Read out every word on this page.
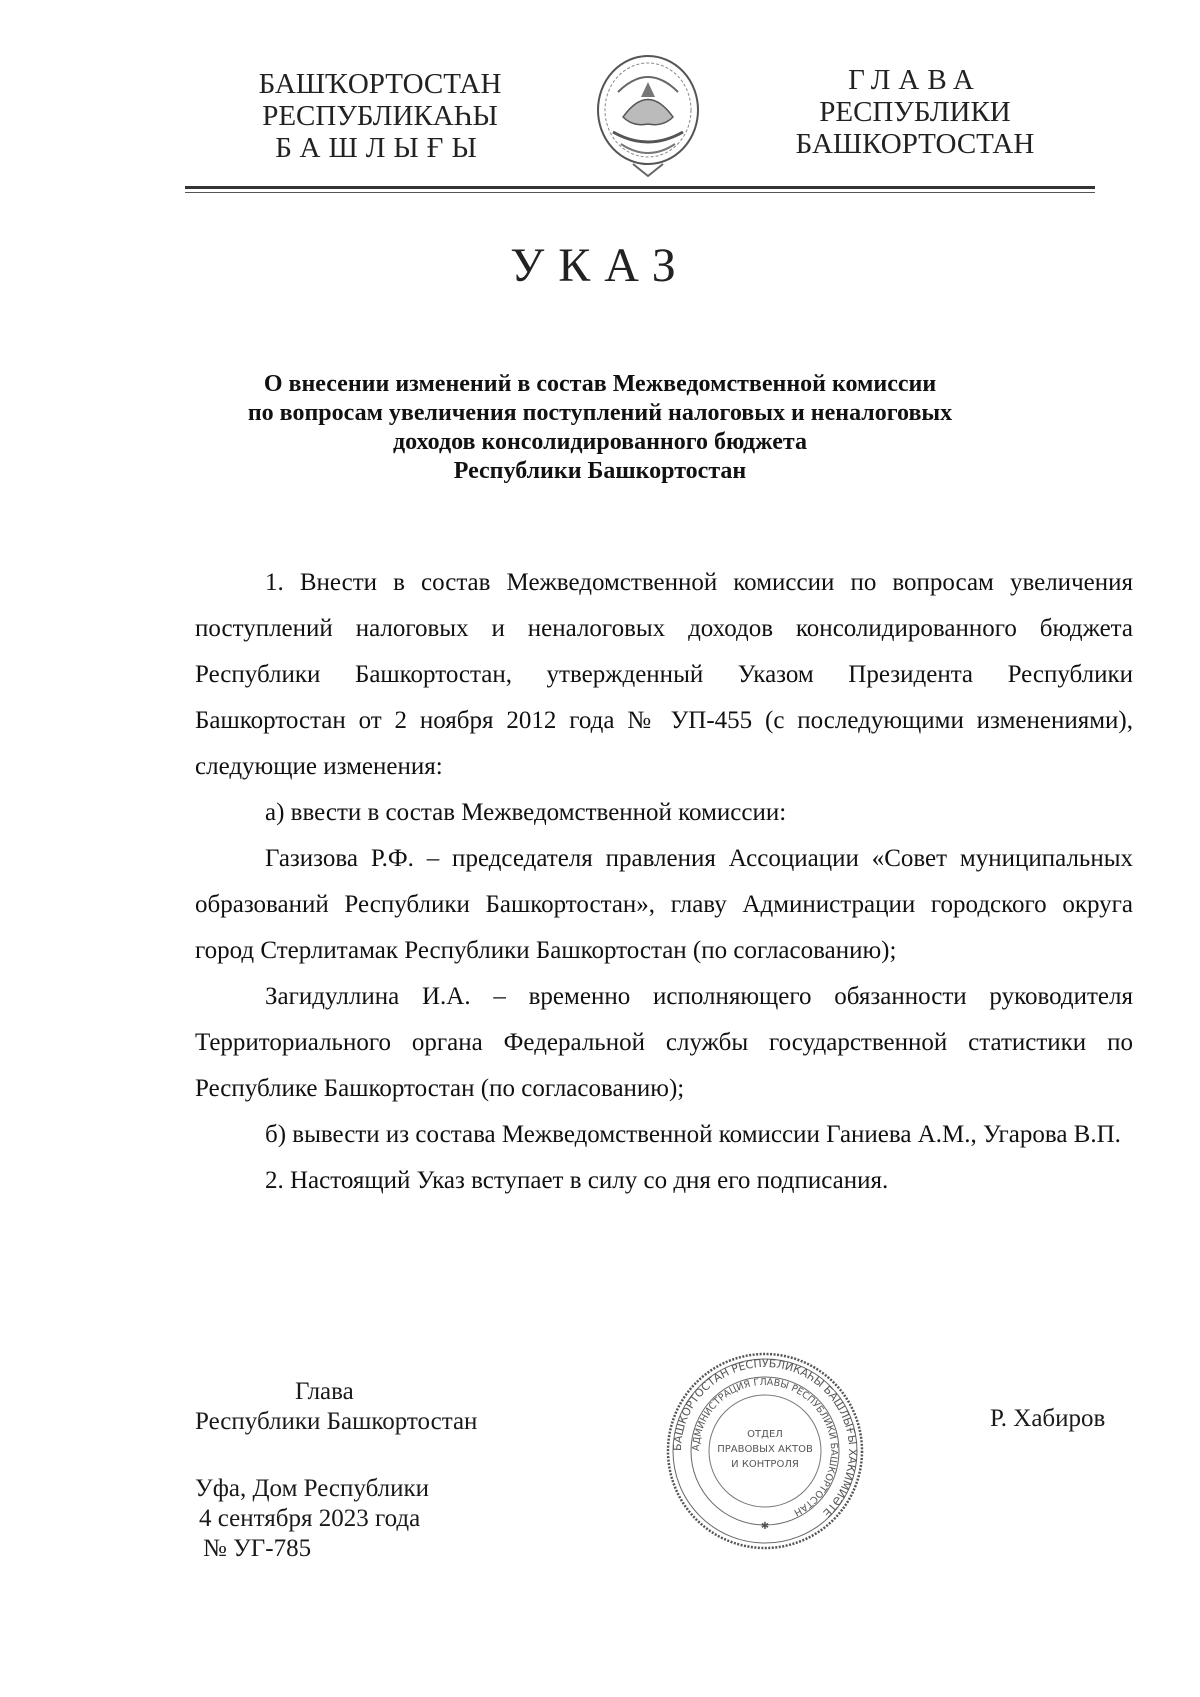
БАШҠОРТОСТАН
РЕСПУБЛИКАҺЫ
БАШЛЫҒЫ
ГЛАВА
РЕСПУБЛИКИ
БАШКОРТОСТАН
УКАЗ
О внесении изменений в состав Межведомственной комиссии
по вопросам увеличения поступлений налоговых и неналоговых
доходов консолидированного бюджета
Республики Башкортостан

1. Внести в состав Межведомственной комиссии по вопросам увеличения поступлений налоговых и неналоговых доходов консолидированного бюджета Республики Башкортостан, утвержденный Указом Президента Республики Башкортостан от 2 ноября 2012 года № УП-455 (с последующими изменениями), следующие изменения:

а) ввести в состав Межведомственной комиссии:

Газизова Р.Ф. – председателя правления Ассоциации «Совет муниципальных образований Республики Башкортостан», главу Администрации городского округа город Стерлитамак Республики Башкортостан (по согласованию);

Загидуллина И.А. – временно исполняющего обязанности руководителя Территориального органа Федеральной службы государственной статистики по Республике Башкортостан (по согласованию);

б) вывести из состава Межведомственной комиссии Ганиева А.М., Угарова В.П.

2. Настоящий Указ вступает в силу со дня его подписания.

Глава
Республики Башкортостан
Уфа, Дом Республики
4 сентября 2023 года
№ УГ-785
БАШКОРТОСТАН РЕСПУБЛИКАҺЫ БАШЛЫҒЫ ХАКИМИӘТЕ
АДМИНИСТРАЦИЯ ГЛАВЫ РЕСПУБЛИКИ БАШКОРТОСТАН
ОТДЕЛ
ПРАВОВЫХ АКТОВ
И КОНТРОЛЯ
✱
Р. Хабиров
